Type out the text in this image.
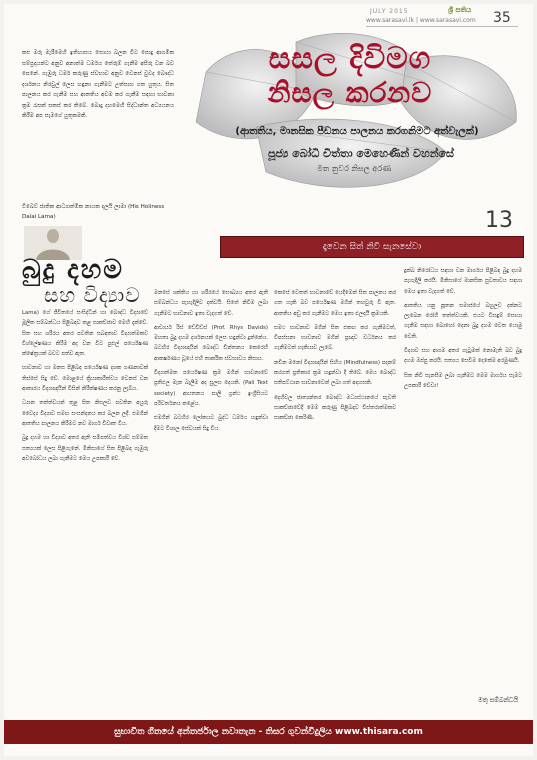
JULY 2015	ශ්‍රී සතිය
www.sarasavi.lk | www.sarasavi.com 35
සසල දිවිමග
නිසල කරනව
(ආතතිය, මානසික පීඩනය පාලනය කරගනිමට අත්වැලක්)
පූජ්‍ය බෝධි චිත්තා මෙහෙණින් වහන්සේ
මත නුවර නිසල අරණ
13
කළු මරු මැරීමෙහි ඉතිහාසය සොයා බලන විට පොදු ආගමික සම්ප්‍රදායන්ට අනුව අනාත්ම ධර්මය තේරුම් ගැනීම අසීරු වන බව පෙනේ. ගැඹුරු ධර්ම කරුණු ස්වභාව අනුව වෙනස් වුවද බෞද්ධ දර්ශනය නිරවුල් ලෙස හඳුනා ගැනීමට උත්සාහ ගත යුතුය. සිත පාලනය කර ගැනීම සහ ආතතිය අවම කර ගැනීම සඳහා භාවනා ක්‍රම රැසක් සකස් කර තිබේ. බොදු දහමෙහි සිද්ධාන්ත අධ්‍යයනය කිරීම අප සැමගේ යුතුකමකි.
ටිබෙට් ජාතික ආධ්‍යාත්මික නායක දලයි ලාමා (His Holiness Dalai Lama)
බුදු දහම
සහ විද්‍යාව
දෑවෙන සිත් නිවී සැනසේවා

Lama) ගේ ජීවිතයේ සංසිද්ධීන් හා බෞද්ධ විද්‍යාවේ මූලික සම්බන්ධය පිළිබඳව කළ සාකච්ඡාව මෙහි දැක්වේ. සිත සහ ශරීරය අතර පවතින සබඳතාව විද්‍යාත්මකව විශ්ලේෂණය කිරීම අද වන විට පුළුල් පර්යේෂණ ක්ෂේත්‍රයක් බවට පත්ව ඇත.

භාවනාව හා මනස පිළිබඳ පර්යේෂණ දශක ගණනාවක් තිස්සේ සිදු වේ. මොළයේ ක්‍රියාකාරීත්වය වෙනස් වන ආකාරය විද්‍යාඥයින් විසින් නිරීක්ෂණය කරනු ලැබීය.

ධ්‍යාන තත්ත්වයන් තුළ සිත නිසලව පවතින අයුරු වෛද්‍ය විද්‍යාව සමඟ සංසන්දනය කර බලන ලදී. එමගින් ආතතිය පාලනය කිරීමට නව මාර්ග විවෘත විය.

බුදු දහම හා විද්‍යාව අතර ඇති සමීපත්වය විශ්ව සම්මත සත්‍යයක් ලෙස පිළිගැනේ. මිනිසාගේ සිත පිළිබඳ ගැඹුරු අවබෝධය ලබා ගැනීමට මෙය උපකාරී වේ.

මනසේ ශක්තිය හා ශරීරයේ සෞඛ්‍යය අතර ඇති සම්බන්ධය පැහැදිලිව දක්වයි. සිතේ නිවීම ලබා ගැනීමට භාවනාව ඉතා වැදගත් වේ.

ආචාර්ය රිස් ඩේවිඩ්ස් (Prof. Rhys Davids) මහතා බුදු දහම දර්ශනයක් ලෙස හඳුන්වා දුන්නේය. බටහිර විද්‍යාඥයින් බෞද්ධ චින්තනය කෙරෙහි ආකර්ෂණය වූයේ එහි තාර්කික ස්වභාවය නිසාය.

විද්‍යාත්මක පර්යේෂණ ක්‍රම මගින් භාවනාවේ ප්‍රතිඵල මැන බැලීම අද සුලභ දෙයකි. (Pali Text society) ආයතනය පාලි ග්‍රන්ථ ඉංග්‍රීසියට පරිවර්තනය කළේය.

එමගින් බටහිර ලෝකයට බුද්ධ ධර්මය හඳුන්වා දීමට විශාල සේවයක් සිදු විය.

කෙසේ වෙතත් භාවනාවේ යෙදීමෙන් සිත පාලනය කර ගත හැකි බව පර්යේෂණ මගින් තහවුරු වී ඇත. ආතතිය අඩු කර ගැනීමට මෙය ඉතා ඵලදායී ක්‍රමයකි.

සමථ භාවනාව මගින් සිත එකඟ කර ගැනීමටත්, විපස්සනා භාවනාව මගින් ප්‍රඥාව වර්ධනය කර ගැනීමටත් හැකියාව ලැබේ.

නවීන මනෝ විද්‍යාඥයින් සිහිය (Mindfulness) පදනම් කරගත් ප්‍රතිකාර ක්‍රම හඳුන්වා දී තිබේ. මෙය බෞද්ධ සතිපට්ඨාන භාවනාවෙන් ලබා ගත් අදහසකි.

දෙහිවල ජාත්‍යන්තර බෞද්ධ මධ්‍යස්ථානයේ පැවති සාකච්ඡාවේදී මෙම කරුණු පිළිබඳව විස්තරාත්මකව සාකච්ඡා කෙරිණි.

දුක්ඛ නිරෝධය සඳහා වන මාර්ගය පිළිබඳ බුදු දහම පැහැදිලි කරයි. මිනිසාගේ මානසික සුවතාවය සඳහා මෙය ඉතා වැදගත් වේ.

ආතතිය යනු නූතන සමාජයේ බහුලව දක්නට ලැබෙන රෝගී තත්ත්වයකි. එයට විසඳුම් සොයා ගැනීම සඳහා බොහෝ දෙනා බුදු දහම වෙත යොමු වෙති.

විද්‍යාව සහ ආගම අතර ගැටුමක් නොමැති බව බුදු දහම ඔප්පු කරයි. සත්‍යය සෙවීම දෙකේම අරමුණයි.

සිත නිවී සැනසීම ලබා ගැනීමට මෙම මාර්ගය සැමට උපකාරී වේවා!

මතු සම්බන්ධයි
සුභාවිත ගීතයේ අන්තර්ජාල නවාතැන - තිසර ගුවන්විදුලිය www.thisara.com
